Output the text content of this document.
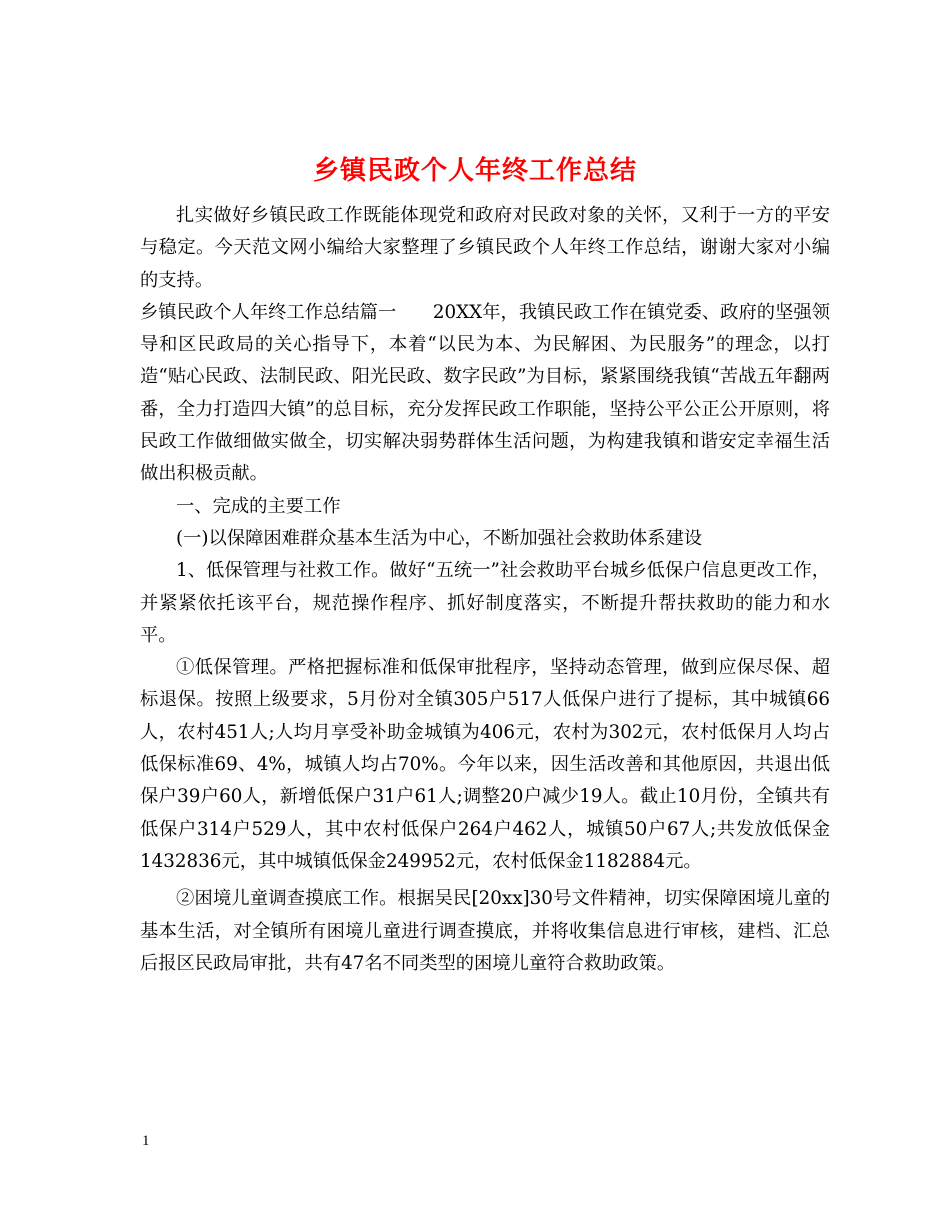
乡镇民政个人年终工作总结

扎实做好乡镇民政工作既能体现党和政府对民政对象的关怀，又利于一方的平安与稳定。今天范文网小编给大家整理了乡镇民政个人年终工作总结，谢谢大家对小编的支持。

乡镇民政个人年终工作总结篇一　　20XX年，我镇民政工作在镇党委、政府的坚强领导和区民政局的关心指导下，本着“以民为本、为民解困、为民服务”的理念，以打造“贴心民政、法制民政、阳光民政、数字民政”为目标，紧紧围绕我镇“苦战五年翻两番，全力打造四大镇”的总目标，充分发挥民政工作职能，坚持公平公正公开原则，将民政工作做细做实做全，切实解决弱势群体生活问题，为构建我镇和谐安定幸福生活做出积极贡献。

一、完成的主要工作

(一)以保障困难群众基本生活为中心，不断加强社会救助体系建设

1、低保管理与社救工作。做好“五统一”社会救助平台城乡低保户信息更改工作，并紧紧依托该平台，规范操作程序、抓好制度落实，不断提升帮扶救助的能力和水平。

①低保管理。严格把握标准和低保审批程序，坚持动态管理，做到应保尽保、超标退保。按照上级要求，5月份对全镇305户517人低保户进行了提标，其中城镇66人，农村451人;人均月享受补助金城镇为406元，农村为302元，农村低保月人均占低保标准69、4%，城镇人均占70%。今年以来，因生活改善和其他原因，共退出低保户39户60人，新增低保户31户61人;调整20户减少19人。截止10月份，全镇共有低保户314户529人，其中农村低保户264户462人，城镇50户67人;共发放低保金1432836元，其中城镇低保金249952元，农村低保金1182884元。

②困境儿童调查摸底工作。根据吴民[20xx]30号文件精神，切实保障困境儿童的基本生活，对全镇所有困境儿童进行调查摸底，并将收集信息进行审核，建档、汇总后报区民政局审批，共有47名不同类型的困境儿童符合救助政策。

1
